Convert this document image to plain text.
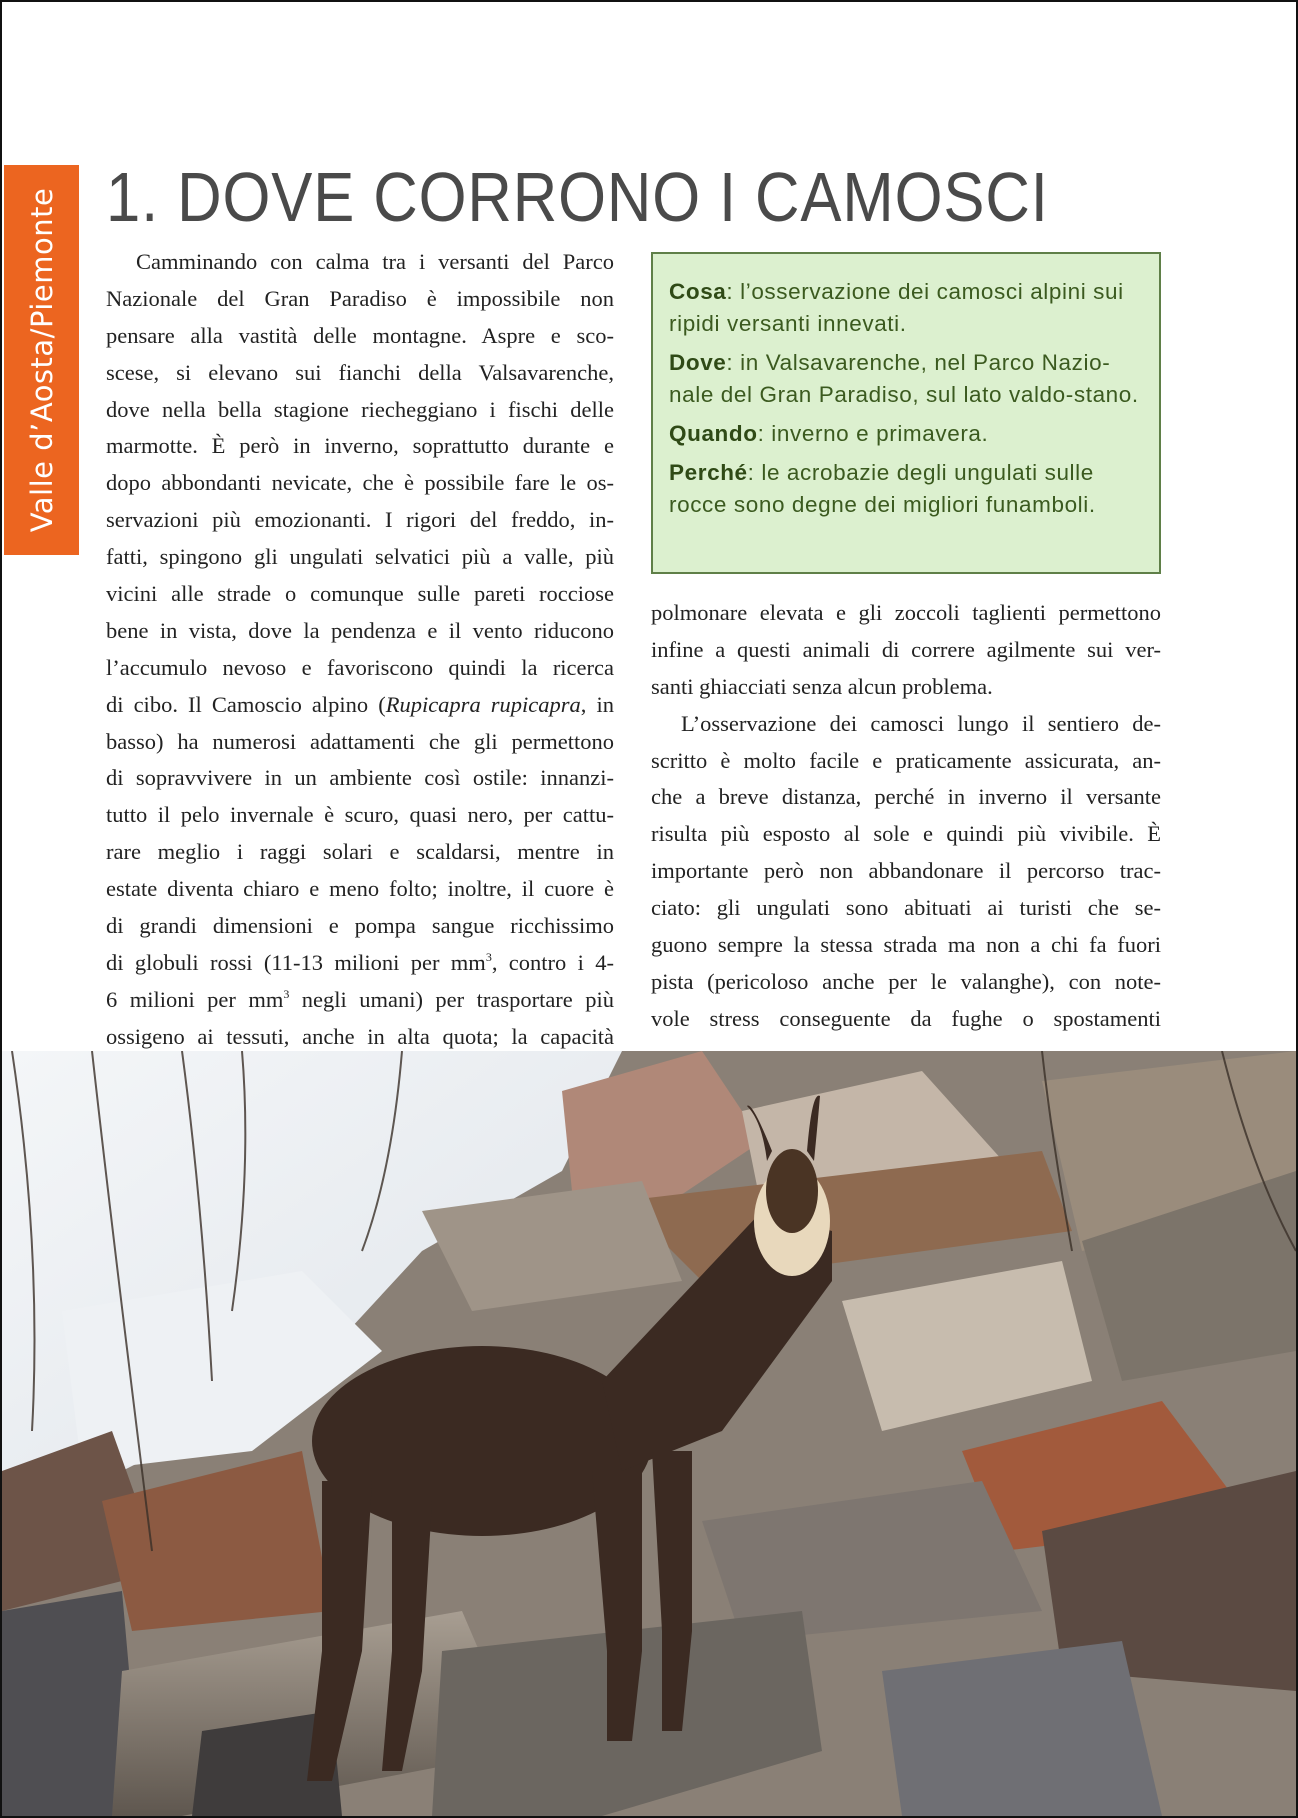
Valle d’Aosta/Piemonte 1. DOVE CORRONO I CAMOSCI
Camminando con calma tra i versanti del Parco
Nazionale del Gran Paradiso è impossibile non
pensare alla vastità delle montagne. Aspre e sco-
scese, si elevano sui fianchi della Valsavarenche,
dove nella bella stagione riecheggiano i fischi delle
marmotte. È però in inverno, soprattutto durante e
dopo abbondanti nevicate, che è possibile fare le os-
servazioni più emozionanti. I rigori del freddo, in-
fatti, spingono gli ungulati selvatici più a valle, più
vicini alle strade o comunque sulle pareti rocciose
bene in vista, dove la pendenza e il vento riducono
l’accumulo nevoso e favoriscono quindi la ricerca
di cibo. Il Camoscio alpino (Rupicapra rupicapra, in
basso) ha numerosi adattamenti che gli permettono
di sopravvivere in un ambiente così ostile: innanzi-
tutto il pelo invernale è scuro, quasi nero, per cattu-
rare meglio i raggi solari e scaldarsi, mentre in
estate diventa chiaro e meno folto; inoltre, il cuore è
di grandi dimensioni e pompa sangue ricchissimo
di globuli rossi (11-13 milioni per $mm^3$, contro i 4-
6 milioni per $mm^3$ negli umani) per trasportare più
ossigeno ai tessuti, anche in alta quota; la capacità

Cosa: l’osservazione dei camosci alpini sui ripidi versanti innevati.

Dove: in Valsavarenche, nel Parco Nazio-nale del Gran Paradiso, sul lato valdo-stano.

Quando: inverno e primavera.

Perché: le acrobazie degli ungulati sulle rocce sono degne dei migliori funamboli.

polmonare elevata e gli zoccoli taglienti permettono
infine a questi animali di correre agilmente sui ver-
santi ghiacciati senza alcun problema.
L’osservazione dei camosci lungo il sentiero de-
scritto è molto facile e praticamente assicurata, an-
che a breve distanza, perché in inverno il versante
risulta più esposto al sole e quindi più vivibile. È
importante però non abbandonare il percorso trac-
ciato: gli ungulati sono abituati ai turisti che se-
guono sempre la stessa strada ma non a chi fa fuori
pista (pericoloso anche per le valanghe), con note-
vole stress conseguente da fughe o spostamenti
